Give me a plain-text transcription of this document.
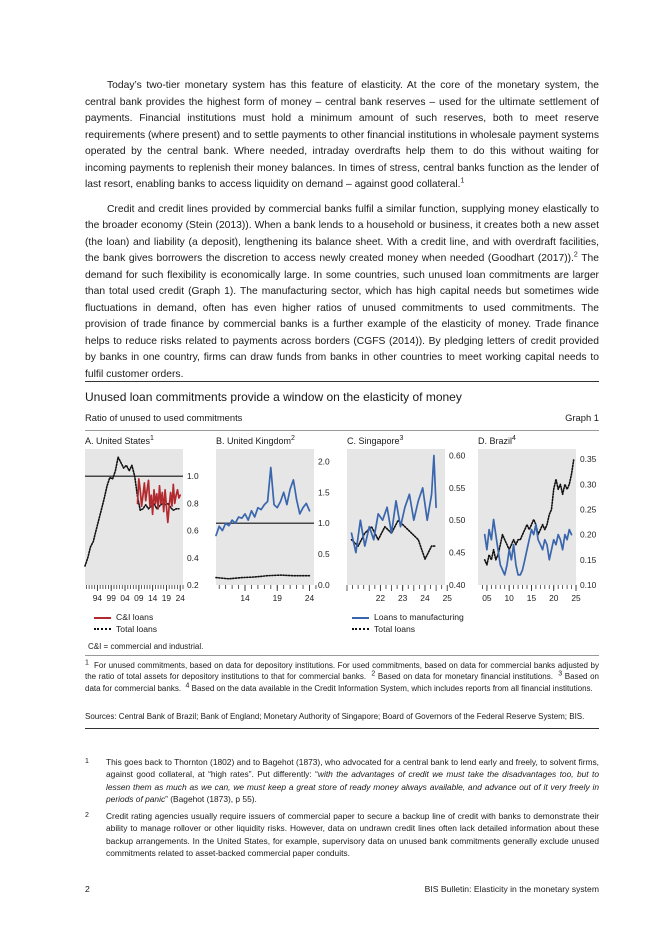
Today’s two-tier monetary system has this feature of elasticity. At the core of the monetary system, the central bank provides the highest form of money – central bank reserves – used for the ultimate settlement of payments. Financial institutions must hold a minimum amount of such reserves, both to meet reserve requirements (where present) and to settle payments to other financial institutions in wholesale payment systems operated by the central bank. Where needed, intraday overdrafts help them to do this without waiting for incoming payments to replenish their money balances. In times of stress, central banks function as the lender of last resort, enabling banks to access liquidity on demand – against good collateral.$^1$

Credit and credit lines provided by commercial banks fulfil a similar function, supplying money elastically to the broader economy (Stein (2013)). When a bank lends to a household or business, it creates both a new asset (the loan) and liability (a deposit), lengthening its balance sheet. With a credit line, and with overdraft facilities, the bank gives borrowers the discretion to access newly created money when needed (Goodhart (2017)).$^2$ The demand for such flexibility is economically large. In some countries, such unused loan commitments are larger than total used credit (Graph 1). The manufacturing sector, which has high capital needs but sometimes wide fluctuations in demand, often has even higher ratios of unused commitments to used commitments. The provision of trade finance by commercial banks is a further example of the elasticity of money. Trade finance helps to reduce risks related to payments across borders (CGFS (2014)). By pledging letters of credit provided by banks in one country, firms can draw funds from banks in other countries to meet working capital needs to fulfil customer orders.

Unused loan commitments provide a window on the elasticity of money
Ratio of unused to used commitments	Graph 1
A. United States$^1$	B. United Kingdom$^2$	C. Singapore$^3$	D. Brazil$^4$
0.2
0.4
0.6
0.8
1.0
94 99 04 09 14 19 24
0.0
0.5
1.0
1.5
2.0
14	19	24
0.40
0.45
0.50
0.55
0.60
22 23 24 25
0.10
0.15
0.20
0.25
0.30
0.35
05 10 15 20 25
C&I loans
Total loans
Loans to manufacturing
Total loans
C&I = commercial and industrial.
$^1$ For unused commitments, based on data for depository institutions. For used commitments, based on data for commercial banks adjusted by the ratio of total assets for depository institutions to that for commercial banks. $^2$ Based on data for monetary financial institutions. $^3$ Based on data for commercial banks. $^4$ Based on the data available in the Credit Information System, which includes reports from all financial institutions.
Sources: Central Bank of Brazil; Bank of England; Monetary Authority of Singapore; Board of Governors of the Federal Reserve System; BIS.
1 This goes back to Thornton (1802) and to Bagehot (1873), who advocated for a central bank to lend early and freely, to solvent firms, against good collateral, at “high rates”. Put differently: “with the advantages of credit we must take the disadvantages too, but to lessen them as much as we can, we must keep a great store of ready money always available, and advance out of it very freely in periods of panic” (Bagehot (1873), p 55).
2 Credit rating agencies usually require issuers of commercial paper to secure a backup line of credit with banks to demonstrate their ability to manage rollover or other liquidity risks. However, data on undrawn credit lines often lack detailed information about these backup arrangements. In the United States, for example, supervisory data on unused bank commitments generally exclude unused commitments related to asset-backed commercial paper conduits.
2	BIS Bulletin: Elasticity in the monetary system
